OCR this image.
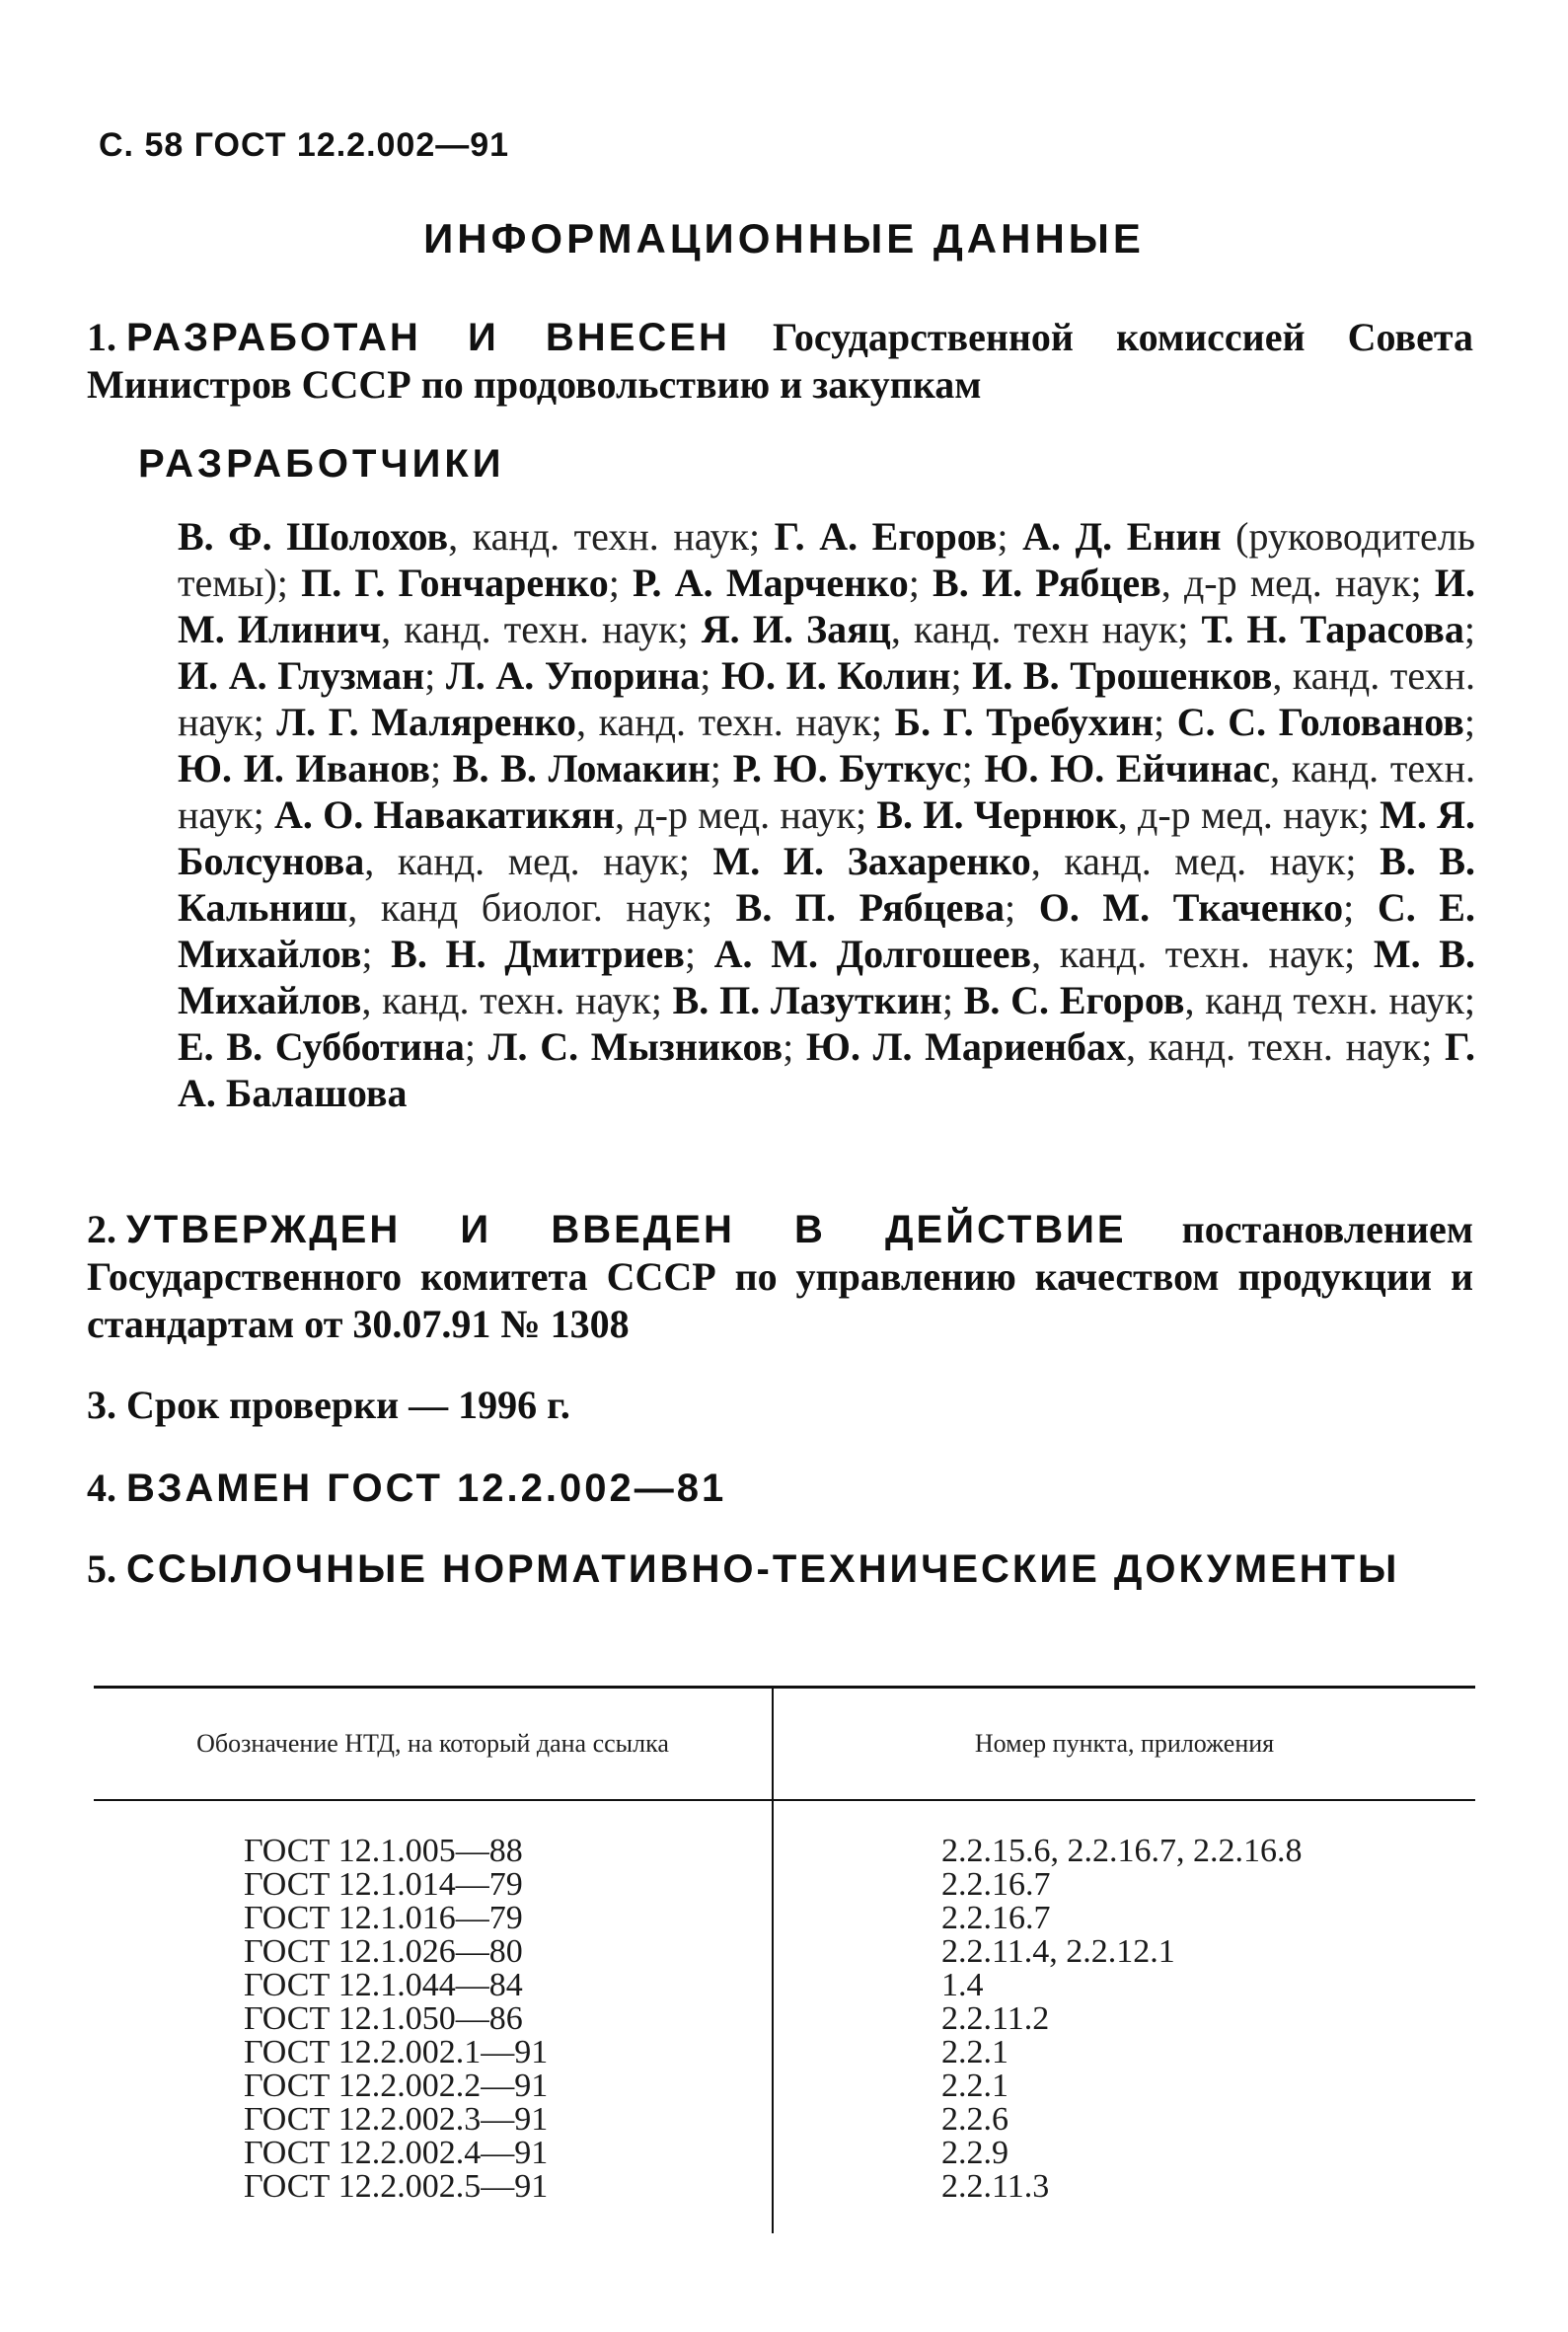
С. 58 ГОСТ 12.2.002—91
ИНФОРМАЦИОННЫЕ ДАННЫЕ
1. РАЗРАБОТАН И ВНЕСЕН Государственной комиссией Совета Министров СССР по продовольствию и закупкам
РАЗРАБОТЧИКИ
В. Ф. Шолохов, канд. техн. наук; Г. А. Егоров; А. Д. Енин (руководитель темы); П. Г. Гончаренко; Р. А. Марченко; В. И. Рябцев, д-р мед. наук; И. М. Илинич, канд. техн. наук; Я. И. Заяц, канд. техн наук; Т. Н. Тарасова; И. А. Глузман; Л. А. Упорина; Ю. И. Колин; И. В. Трошенков, канд. техн. наук; Л. Г. Маляренко, канд. техн. наук; Б. Г. Требухин; С. С. Голованов; Ю. И. Иванов; В. В. Ломакин; Р. Ю. Буткус; Ю. Ю. Ейчинас, канд. техн. наук; А. О. Навакатикян, д-р мед. наук; В. И. Чернюк, д-р мед. наук; М. Я. Болсунова, канд. мед. наук; М. И. Захаренко, канд. мед. наук; В. В. Кальниш, канд биолог. наук; В. П. Рябцева; О. М. Ткаченко; С. Е. Михайлов; В. Н. Дмитриев; А. М. Долгошеев, канд. техн. наук; М. В. Михайлов, канд. техн. наук; В. П. Лазуткин; В. С. Егоров, канд техн. наук; Е. В. Субботина; Л. С. Мызников; Ю. Л. Мариенбах, канд. техн. наук; Г. А. Балашова
2. УТВЕРЖДЕН И ВВЕДЕН В ДЕЙСТВИЕ постановлением Государственного комитета СССР по управлению качеством продукции и стандартам от 30.07.91 № 1308
3. Срок проверки — 1996 г.
4. ВЗАМЕН ГОСТ 12.2.002—81
5. ССЫЛОЧНЫЕ НОРМАТИВНО-ТЕХНИЧЕСКИЕ ДОКУМЕНТЫ
Обозначение НТД, на который дана ссылка	Номер пункта, приложения
ГОСТ 12.1.005—88	2.2.15.6, 2.2.16.7, 2.2.16.8
ГОСТ 12.1.014—79	2.2.16.7
ГОСТ 12.1.016—79	2.2.16.7
ГОСТ 12.1.026—80	2.2.11.4, 2.2.12.1
ГОСТ 12.1.044—84	1.4
ГОСТ 12.1.050—86	2.2.11.2
ГОСТ 12.2.002.1—91	2.2.1
ГОСТ 12.2.002.2—91	2.2.1
ГОСТ 12.2.002.3—91	2.2.6
ГОСТ 12.2.002.4—91	2.2.9
ГОСТ 12.2.002.5—91	2.2.11.3
